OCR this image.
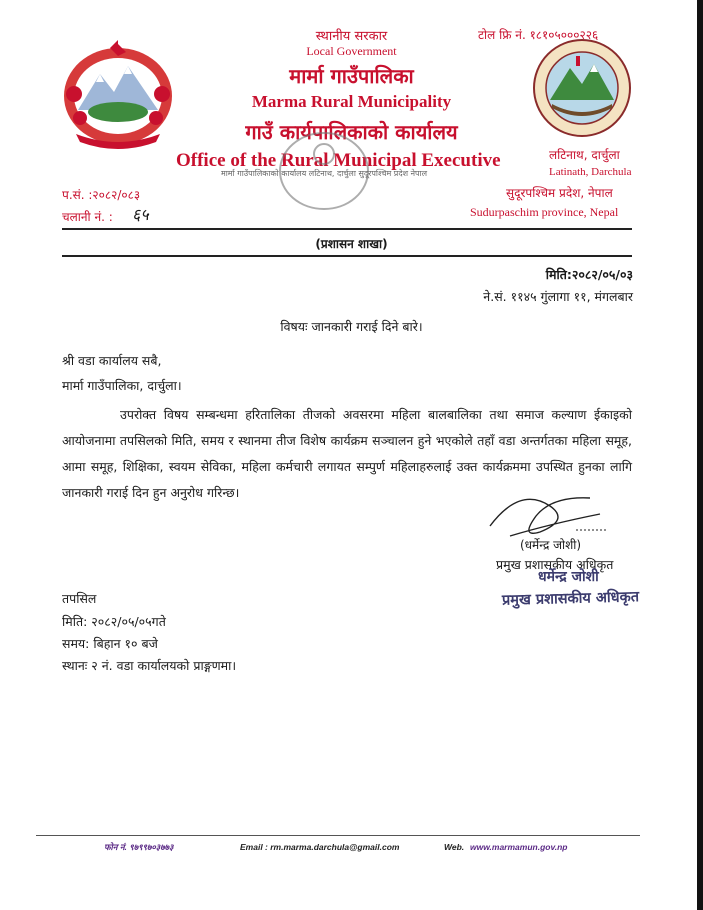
स्थानीय सरकार
Local Government
मार्मा गाउँपालिका
Marma Rural Municipality
गाउँ कार्यपालिकाको कार्यालय
Office of the Rural Municipal Executive
टोल फ्रि नं. १८१०५०००२२६
लटिनाथ, दार्चुला
Latinath, Darchula
सुदूरपश्चिम प्रदेश, नेपाल
Sudurpaschim province, Nepal
प.सं. :२०८२/०८३
चलानी नं. : ६५
मार्मा गाउँपालिकाको कार्यालय लटिनाथ, दार्चुला सुदूरपश्चिम प्रदेश नेपाल
(प्रशासन शाखा)
मिति:२०८२/०५/०३
ने.सं. ११४५ गुंलागा ११, मंगलबार
विषयः जानकारी गराई दिने बारे।
श्री वडा कार्यालय सबै,
मार्मा गाउँपालिका, दार्चुला।
उपरोक्त विषय सम्बन्धमा हरितालिका तीजको अवसरमा महिला बालबालिका तथा समाज कल्याण ईकाइको आयोजनामा तपसिलको मिति, समय र स्थानमा तीज विशेष कार्यक्रम सञ्चालन हुने भएकोले तहाँ वडा अन्तर्गतका महिला समूह, आमा समूह, शिक्षिका, स्वयम सेविका, महिला कर्मचारी लगायत सम्पुर्ण महिलाहरुलाई उक्त कार्यक्रममा उपस्थित हुनका लागि जानकारी गराई दिन हुन अनुरोध गरिन्छ।
(धर्मेन्द्र जोशी)
प्रमुख प्रशासकीय अधिकृत
धर्मेन्द्र जोशी
प्रमुख प्रशासकीय अधिकृत
तपसिल
मिति: २०८२/०५/०५गते
समय: बिहान १० बजे
स्थानः २ नं. वडा कार्यालयको प्राङ्गणमा।
फोन नं. ९७९९७०३७७३	Email : rm.marma.darchula@gmail.com	Web. www.marmamun.gov.np
